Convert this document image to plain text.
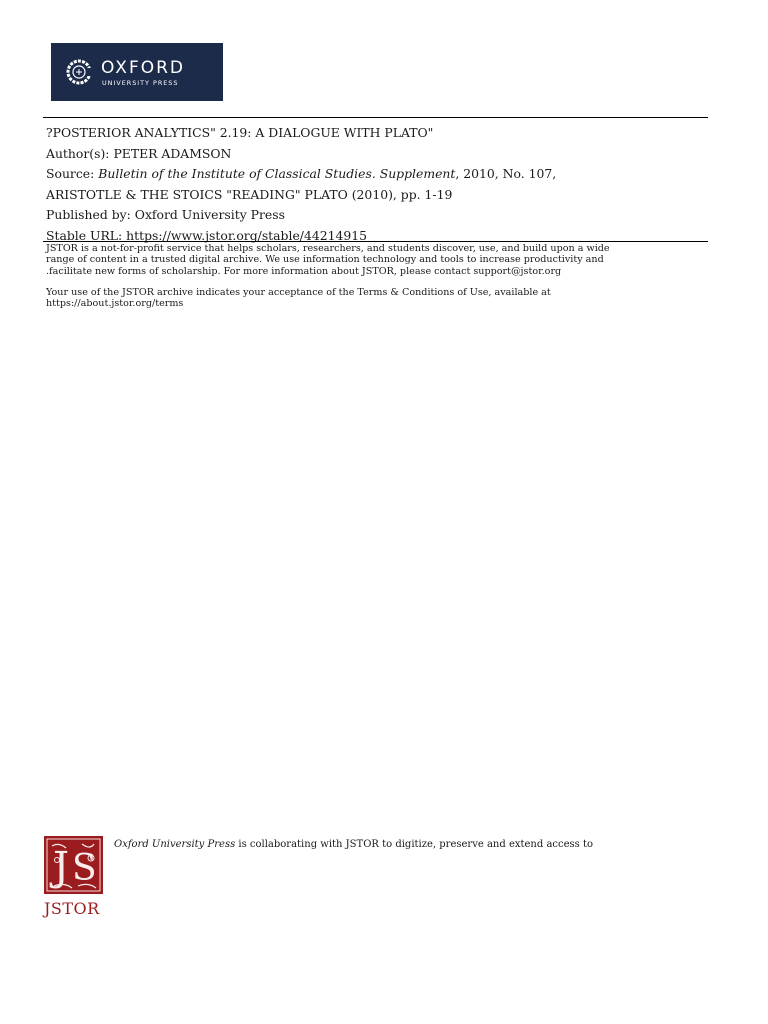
OXFORD
UNIVERSITY PRESS
?POSTERIOR ANALYTICS" 2.19: A DIALOGUE WITH PLATO"
Author(s): PETER ADAMSON
Source: Bulletin of the Institute of Classical Studies. Supplement, 2010, No. 107,
ARISTOTLE & THE STOICS "READING" PLATO (2010), pp. 1-19
Published by: Oxford University Press
Stable URL: https://www.jstor.org/stable/44214915
JSTOR is a not-for-profit service that helps scholars, researchers, and students discover, use, and build upon a wide
range of content in a trusted digital archive. We use information technology and tools to increase productivity and
.facilitate new forms of scholarship. For more information about JSTOR, please contact support@jstor.org
Your use of the JSTOR archive indicates your acceptance of the Terms & Conditions of Use, available at
https://about.jstor.org/terms
J S
JSTOR
Oxford University Press is collaborating with JSTOR to digitize, preserve and extend access to
